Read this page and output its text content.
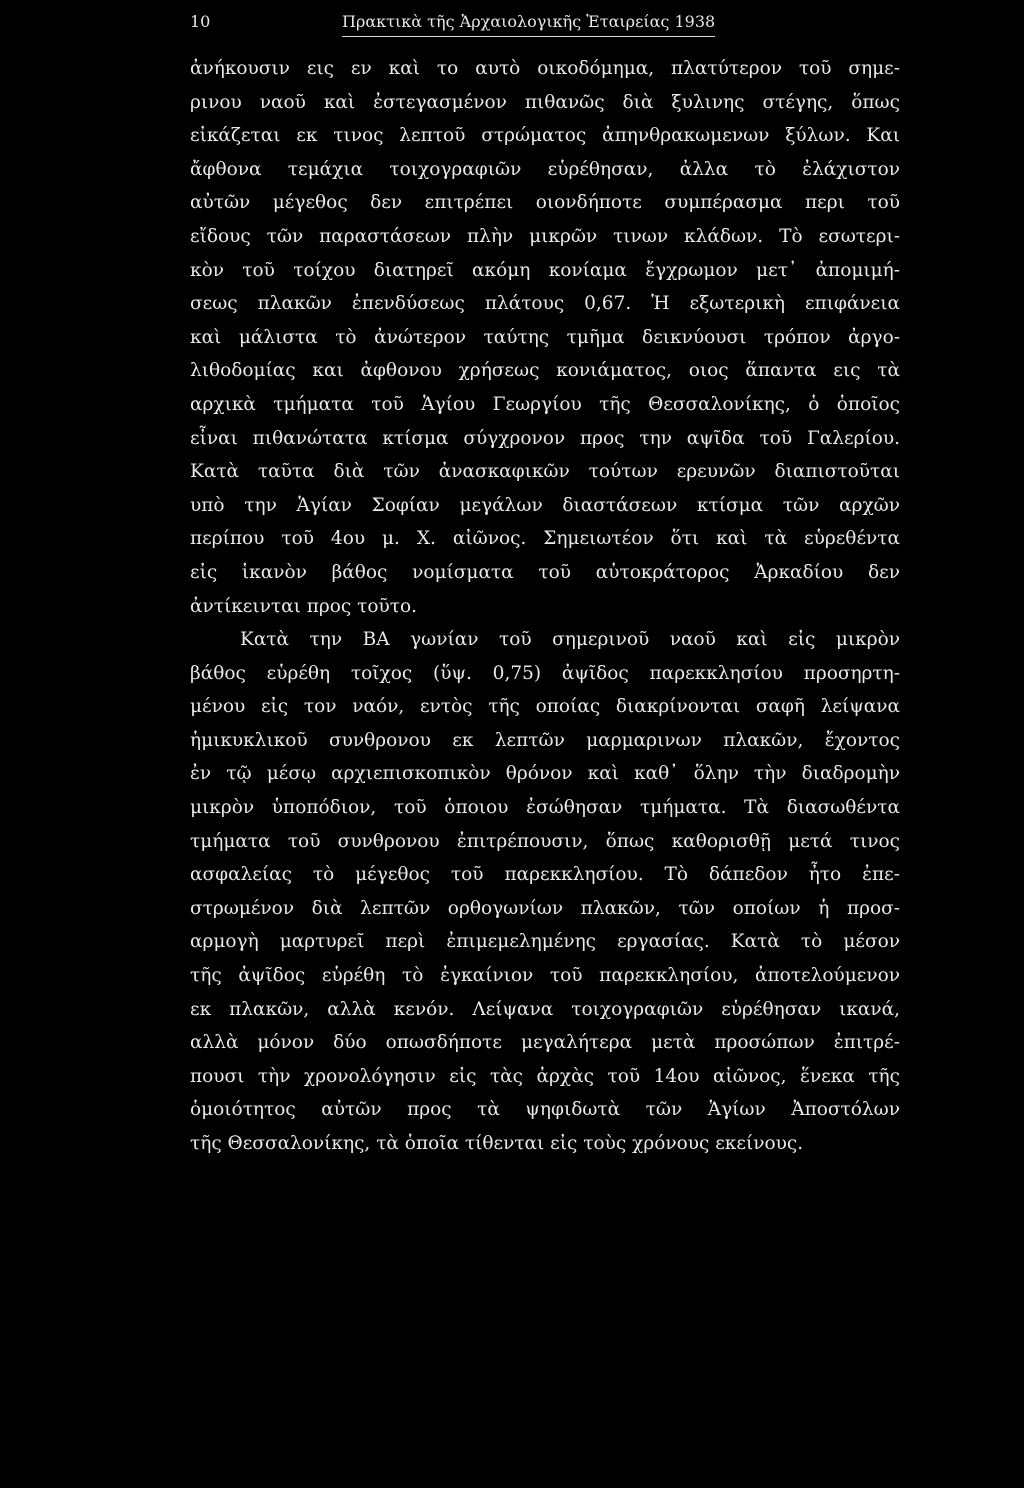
10	Πρακτικὰ τῆς Ἀρχαιολογικῆς Ἑταιρείας 1938
ἀνήκουσιν εις εν καὶ το αυτὸ οικοδόμημα, πλατύτερον τοῦ σημε-
ρινου ναοῦ καὶ ἐστεγασμένον πιθανῶς διὰ ξυλινης στέγης, ὅπως
εἰκάζεται εκ τινος λεπτοῦ στρώματος ἀπηνθρακωμενων ξύλων. Και
ἄφθονα τεμάχια τοιχογραφιῶν εὑρέθησαν, ἀλλα τὸ ἐλάχιστον
αὐτῶν μέγεθος δεν επιτρέπει οιονδήποτε συμπέρασμα περι τοῦ
εἴδους τῶν παραστάσεων πλὴν μικρῶν τινων κλάδων. Τὸ εσωτερι-
κὸν τοῦ τοίχου διατηρεῖ ακόμη κονίαμα ἔγχρωμον μετ᾽ ἀπομιμή-
σεως πλακῶν ἐπενδύσεως πλάτους 0,67. Ἡ εξωτερικὴ επιφάνεια
καὶ μάλιστα τὸ ἀνώτερον ταύτης τμῆμα δεικνύουσι τρόπον ἀργο-
λιθοδομίας και ἀφθονου χρήσεως κονιάματος, οιος ἅπαντα εις τὰ
αρχικὰ τμήματα τοῦ Ἁγίου Γεωργίου τῆς Θεσσαλονίκης, ὁ ὁποῖος
εἶναι πιθανώτατα κτίσμα σύγχρονον προς την αψῖδα τοῦ Γαλερίου.
Κατὰ ταῦτα διὰ τῶν ἀνασκαφικῶν τούτων ερευνῶν διαπιστοῦται
υπὸ την Ἁγίαν Σοφίαν μεγάλων διαστάσεων κτίσμα τῶν αρχῶν
περίπου τοῦ 4ου μ. Χ. αἰῶνος. Σημειωτέον ὅτι καὶ τὰ εὑρεθέντα
εἰς ἱκανὸν βάθος νομίσματα τοῦ αὐτοκράτορος Ἀρκαδίου δεν
ἀντίκεινται προς τοῦτο.
Κατὰ την ΒΑ γωνίαν τοῦ σημερινοῦ ναοῦ καὶ εἰς μικρὸν
βάθος εὑρέθη τοῖχος (ὕψ. 0,75) ἀψῖδος παρεκκλησίου προσηρτη-
μένου εἰς τον ναόν, εντὸς τῆς οποίας διακρίνονται σαφῆ λείψανα
ἡμικυκλικοῦ συνθρονου εκ λεπτῶν μαρμαρινων πλακῶν, ἔχοντος
ἐν τῷ μέσῳ αρχιεπισκοπικὸν θρόνον καὶ καθ᾽ ὅλην τὴν διαδρομὴν
μικρὸν ὑποπόδιον, τοῦ ὁποιου ἐσώθησαν τμήματα. Τὰ διασωθέντα
τμήματα τοῦ συνθρονου ἐπιτρέπουσιν, ὅπως καθορισθῇ μετά τινος
ασφαλείας τὸ μέγεθος τοῦ παρεκκλησίου. Τὸ δάπεδον ἦτο ἐπε-
στρωμένον διὰ λεπτῶν ορθογωνίων πλακῶν, τῶν οποίων ἡ προσ-
αρμογὴ μαρτυρεῖ περὶ ἐπιμεμελημένης εργασίας. Κατὰ τὸ μέσον
τῆς ἀψῖδος εὑρέθη τὸ ἐγκαίνιον τοῦ παρεκκλησίου, ἀποτελούμενον
εκ πλακῶν, αλλὰ κενόν. Λείψανα τοιχογραφιῶν εὑρέθησαν ικανά,
αλλὰ μόνον δύο οπωσδήποτε μεγαλήτερα μετὰ προσώπων ἐπιτρέ-
πουσι τὴν χρονολόγησιν εἰς τὰς ἀρχὰς τοῦ 14ου αἰῶνος, ἕνεκα τῆς
ὁμοιότητος αὐτῶν προς τὰ ψηφιδωτὰ τῶν Ἁγίων Ἀποστόλων
τῆς Θεσσαλονίκης, τὰ ὁποῖα τίθενται εἰς τοὺς χρόνους εκείνους.
